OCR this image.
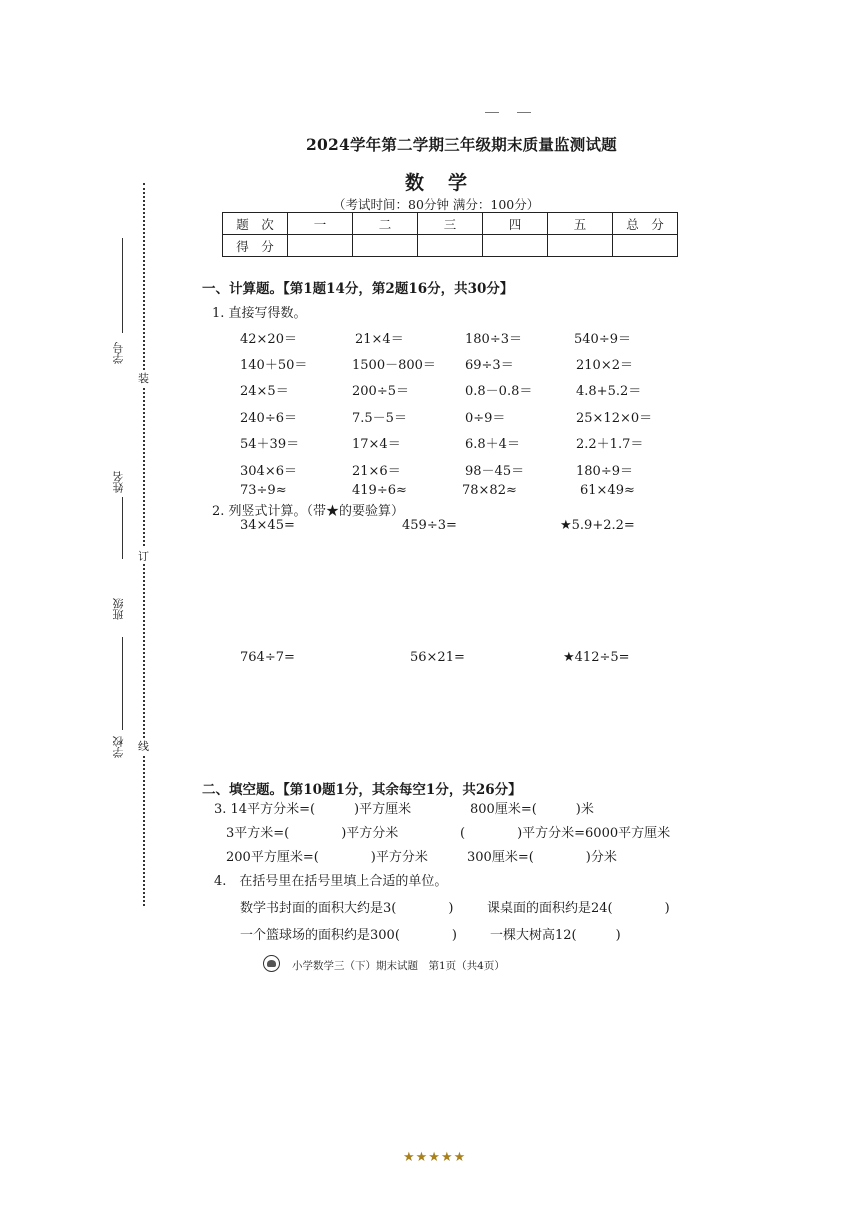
2024学年第二学期三年级期末质量监测试题
数学
（考试时间：80分钟 满分：100分）
题　次	一	二	三	四	五	总　分
得　分						
学号
姓名
班级
学校
装
订
线
一、计算题。【第1题14分，第2题16分，共30分】
1. 直接写得数。
42×20＝	21×4＝	180÷3＝	540÷9＝
140＋50＝	1500－800＝ 69÷3＝	210×2＝
24×5＝	200÷5＝	0.8－0.8＝	4.8+5.2＝
240÷6＝	7.5－5＝	0÷9＝	25×12×0＝
54＋39＝	17×4＝	6.8＋4＝	2.2＋1.7＝
304×6＝	21×6＝	98－45＝	180÷9＝
73÷9≈	419÷6≈	78×82≈	61×49≈
2. 列竖式计算。（带★的要验算）
34×45=	459÷3=	★5.9+2.2=
764÷7=	56×21=	★412÷5=
二、填空题。【第10题1分，其余每空1分，共26分】
3. 14平方分米=(　　　)平方厘米	800厘米=(　　　)米
3平方米=(　　　　)平方分米	(　　　　)平方分米=6000平方厘米
200平方厘米=(　　　　)平方分米	300厘米=(　　　　)分米
4.　在括号里在括号里填上合适的单位。
数学书封面的面积大约是3(　　　　)	课桌面的面积约是24(　　　　)
一个篮球场的面积约是300(　　　　)	一棵大树高12(　　　)
小学数学三（下）期末试题　第1页（共4页）
★★★★★
